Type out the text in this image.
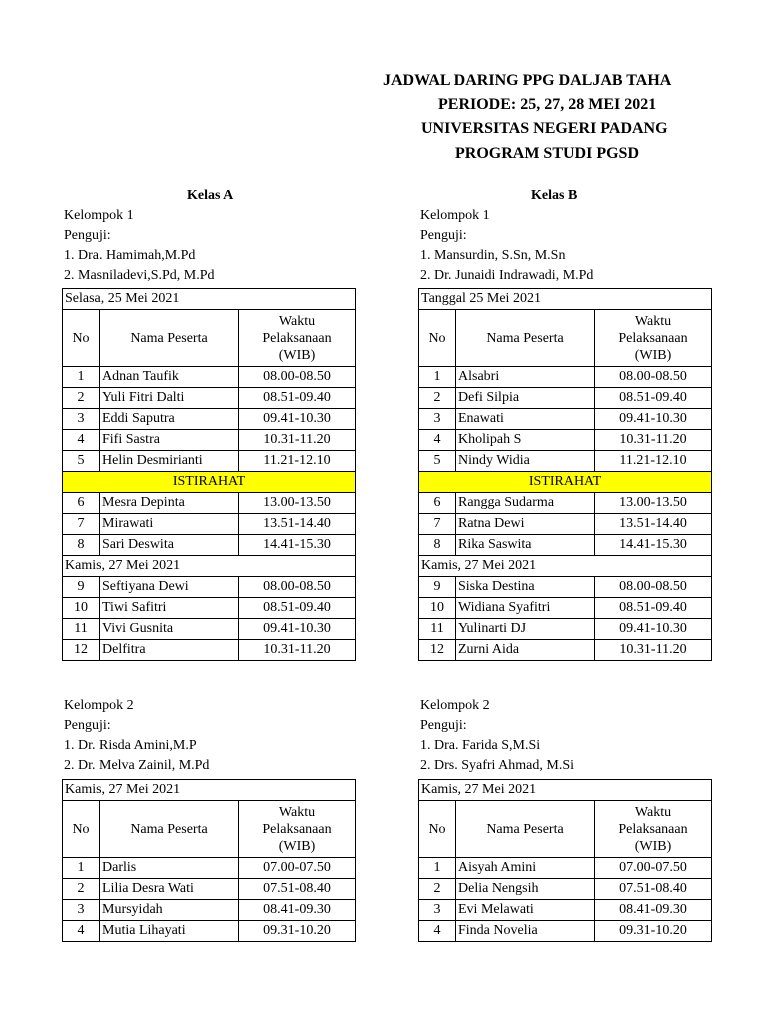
JADWAL DARING PPG DALJAB TAHA
PERIODE: 25, 27, 28 MEI 2021
UNIVERSITAS NEGERI PADANG
PROGRAM STUDI PGSD
Kelas A
Kelompok 1
Penguji:
1. Dra. Hamimah,M.Pd
2. Masniladevi,S.Pd, M.Pd
Selasa, 25 Mei 2021		
No	Nama Peserta	Waktu
Pelaksanaan
(WIB)
1	Adnan Taufik	08.00-08.50
2	Yuli Fitri Dalti	08.51-09.40
3	Eddi Saputra	09.41-10.30
4	Fifi Sastra	10.31-11.20
5	Helin Desmirianti	11.21-12.10
ISTIRAHAT		
6	Mesra Depinta	13.00-13.50
7	Mirawati	13.51-14.40
8	Sari Deswita	14.41-15.30
Kamis, 27 Mei 2021		
9	Seftiyana Dewi	08.00-08.50
10	Tiwi Safitri	08.51-09.40
11	Vivi Gusnita	09.41-10.30
12	Delfitra	10.31-11.20
Kelompok 2
Penguji:
1. Dr. Risda Amini,M.P
2. Dr. Melva Zainil, M.Pd
Kamis, 27 Mei 2021		
No	Nama Peserta	Waktu
Pelaksanaan
(WIB)
1	Darlis	07.00-07.50
2	Lilia Desra Wati	07.51-08.40
3	Mursyidah	08.41-09.30
4	Mutia Lihayati	09.31-10.20
Kelas B
Kelompok 1
Penguji:
1. Mansurdin, S.Sn, M.Sn
2. Dr. Junaidi Indrawadi, M.Pd
Tanggal 25 Mei 2021		
No	Nama Peserta	Waktu
Pelaksanaan
(WIB)
1	Alsabri	08.00-08.50
2	Defi Silpia	08.51-09.40
3	Enawati	09.41-10.30
4	Kholipah S	10.31-11.20
5	Nindy Widia	11.21-12.10
ISTIRAHAT		
6	Rangga Sudarma	13.00-13.50
7	Ratna Dewi	13.51-14.40
8	Rika Saswita	14.41-15.30
Kamis, 27 Mei 2021		
9	Siska Destina	08.00-08.50
10	Widiana Syafitri	08.51-09.40
11	Yulinarti DJ	09.41-10.30
12	Zurni Aida	10.31-11.20
Kelompok 2
Penguji:
1. Dra. Farida S,M.Si
2. Drs. Syafri Ahmad, M.Si
Kamis, 27 Mei 2021		
No	Nama Peserta	Waktu
Pelaksanaan
(WIB)
1	Aisyah Amini	07.00-07.50
2	Delia Nengsih	07.51-08.40
3	Evi Melawati	08.41-09.30
4	Finda Novelia	09.31-10.20
